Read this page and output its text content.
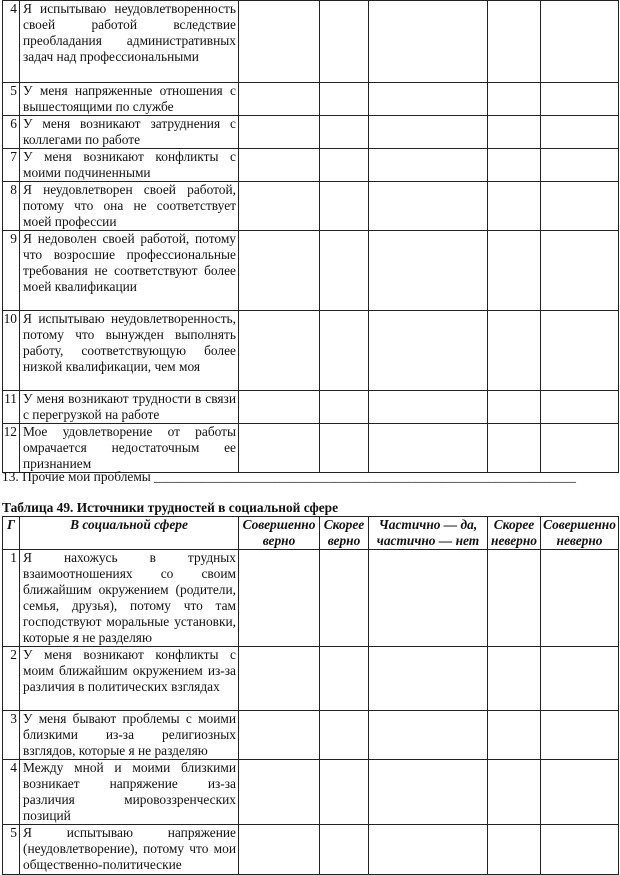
4	Я испытываю неудовлетворенность своей работой вследствие преобладания административных задач над профессиональными					
5	У меня напряженные отношения с вышестоящими по службе					
6	У меня возникают затруднения с коллегами по работе					
7	У меня возникают конфликты с моими подчиненными					
8	Я неудовлетворен своей работой, потому что она не соответствует моей профессии					
9	Я недоволен своей работой, потому что возросшие профессиональные требования не соответствуют более моей квалификации					
10	Я испытываю неудовлетворенность, потому что вынужден выполнять работу, соответствующую более низкой квалификации, чем моя					
11	У меня возникают трудности в связи с перегрузкой на работе					
12	Мое удовлетворение от работы омрачается недостаточным ее признанием					
13. Прочие мои проблемы _______________________________________________________________
Таблица 49. Источники трудностей в социальной сфере
Г	В социальной сфере	Совершенно верно	Скорее верно	Частично — да, частично — нет	Скорее неверно	Совершенно неверно
1	Я нахожусь в трудных взаимоотношениях со своим ближайшим окружением (родители, семья, друзья), потому что там господствуют моральные установки, которые я не разделяю					
2	У меня возникают конфликты с моим ближайшим окружением из-за различия в политических взглядах					
3	У меня бывают проблемы с моими близкими из-за религиозных взглядов, которые я не разделяю					
4	Между мной и моими близкими возникает напряжение из-за различия мировоззренческих позиций					
5	Я испытываю напряжение (неудовлетворение), потому что мои общественно-политические					
